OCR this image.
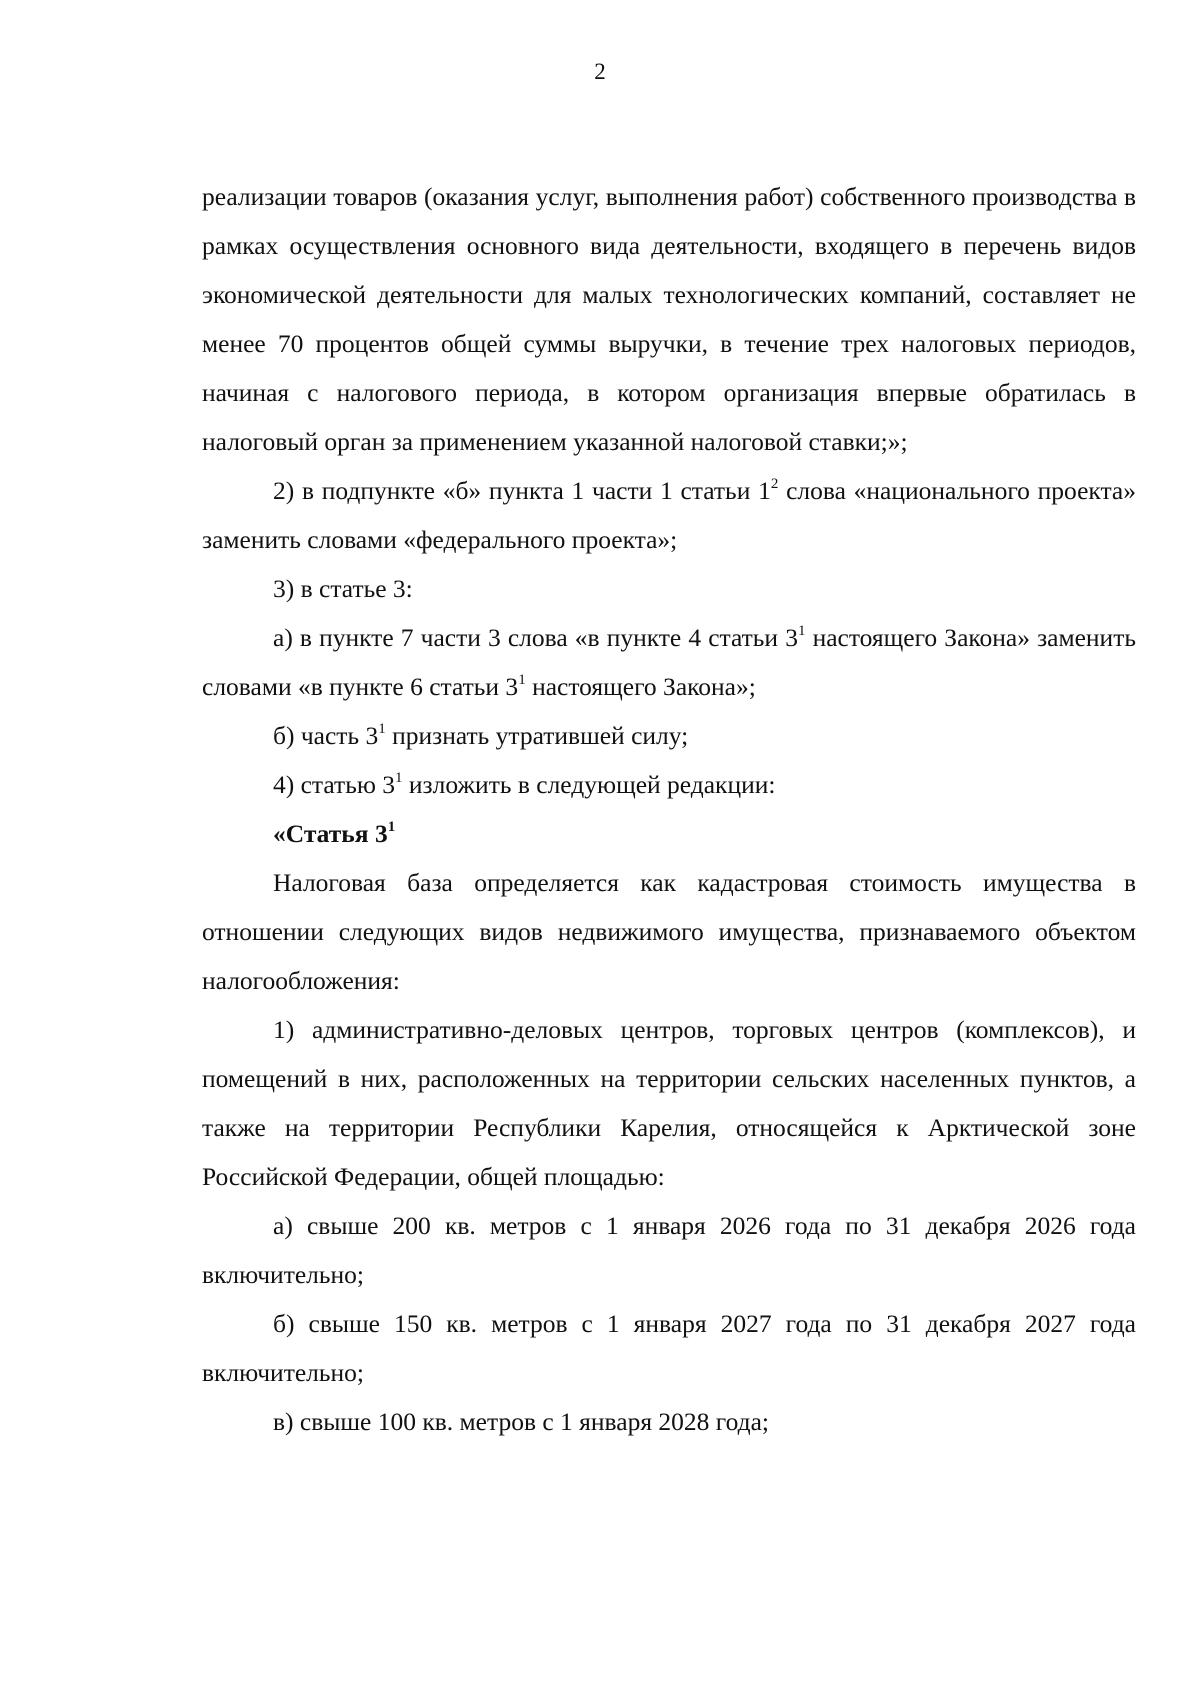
2

реализации товаров (оказания услуг, выполнения работ) собственного производства в рамках осуществления основного вида деятельности, входящего в перечень видов экономической деятельности для малых технологических компаний, составляет не менее 70 процентов общей суммы выручки, в течение трех налоговых периодов, начиная с налогового периода, в котором организация впервые обратилась в налоговый орган за применением указанной налоговой ставки;»;

2) в подпункте «б» пункта 1 части 1 статьи $1^2$ слова «национального проекта» заменить словами «федерального проекта»;

3) в статье 3:

а) в пункте 7 части 3 слова «в пункте 4 статьи $3^1$ настоящего Закона» заменить словами «в пункте 6 статьи $3^1$ настоящего Закона»;

б) часть $3^1$ признать утратившей силу;

4) статью $3^1$ изложить в следующей редакции:

«Статья $3^1$

Налоговая база определяется как кадастровая стоимость имущества в отношении следующих видов недвижимого имущества, признаваемого объектом налогообложения:

1) административно-деловых центров, торговых центров (комплексов), и помещений в них, расположенных на территории сельских населенных пунктов, а также на территории Республики Карелия, относящейся к Арктической зоне Российской Федерации, общей площадью:

а) свыше 200 кв. метров с 1 января 2026 года по 31 декабря 2026 года включительно;

б) свыше 150 кв. метров с 1 января 2027 года по 31 декабря 2027 года включительно;

в) свыше 100 кв. метров с 1 января 2028 года;
